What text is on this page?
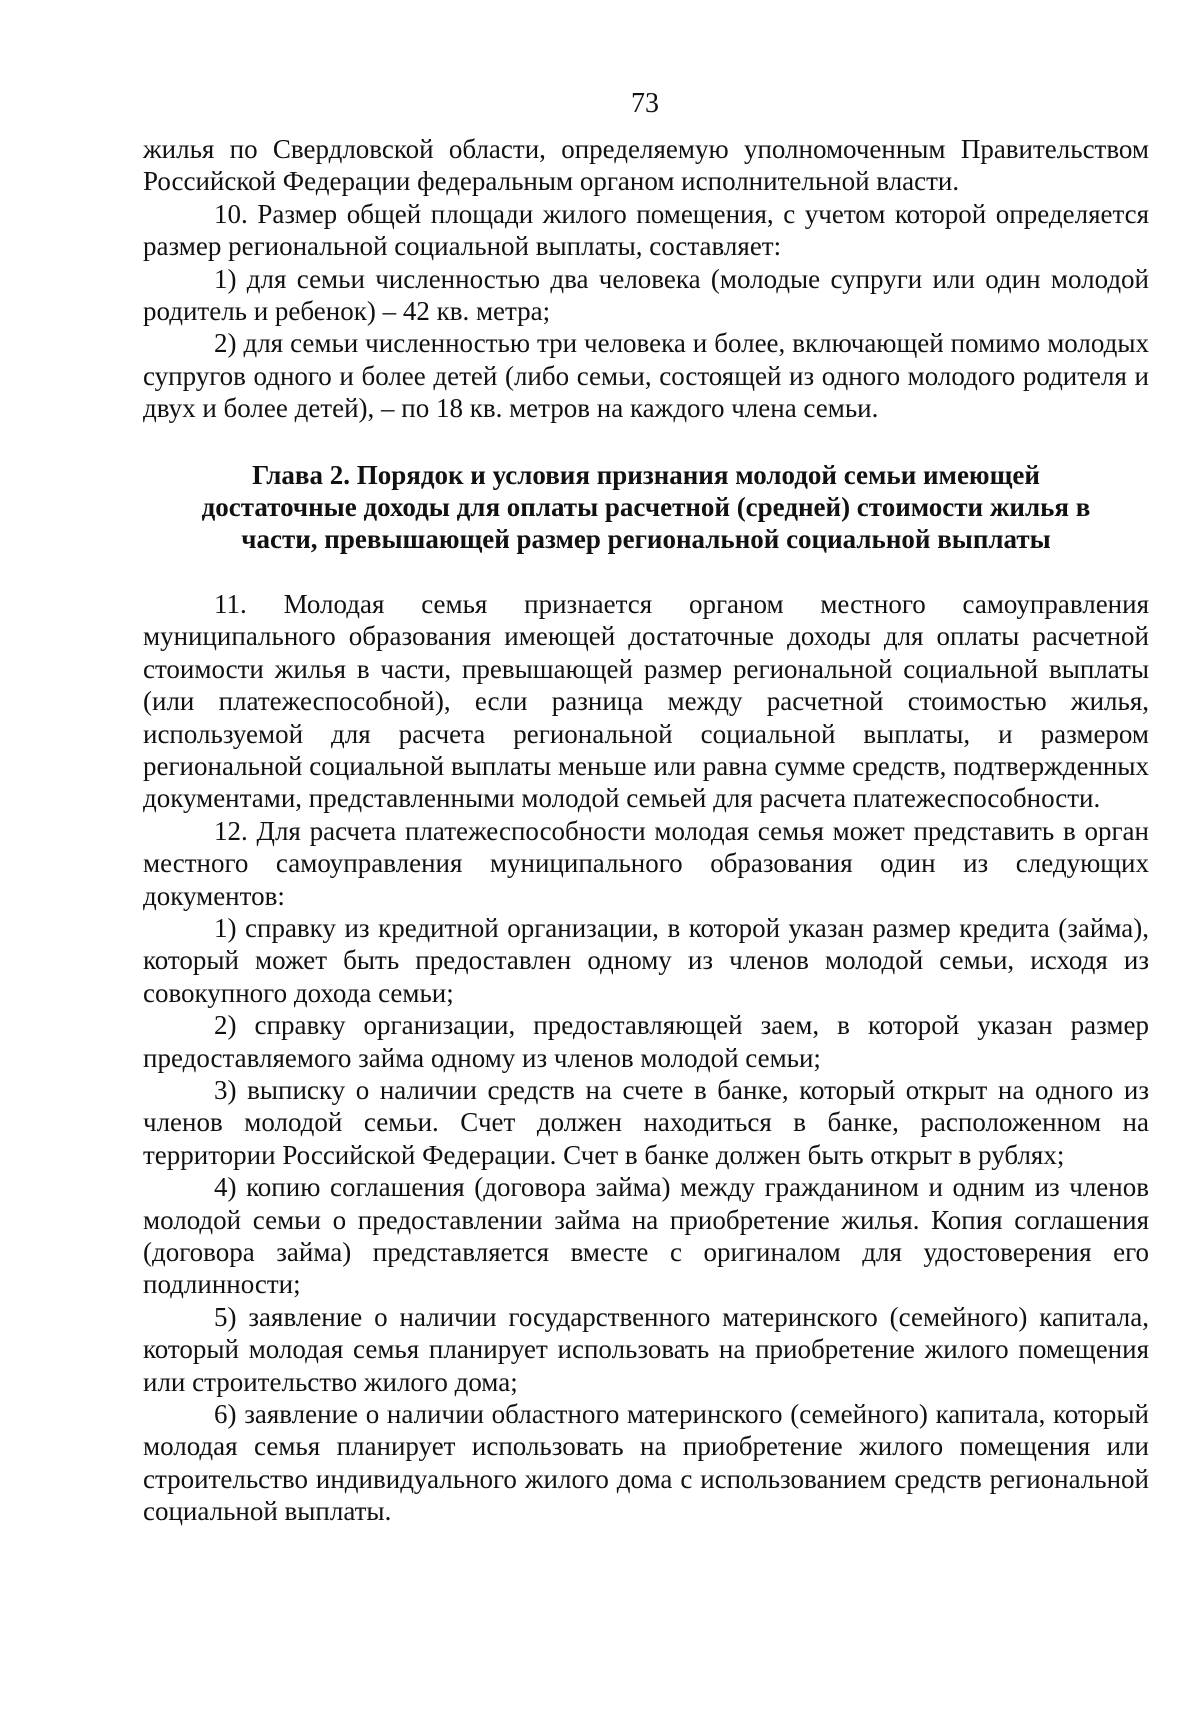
73

жилья по Свердловской области, определяемую уполномоченным Правительством Российской Федерации федеральным органом исполнительной власти.

10. Размер общей площади жилого помещения, с учетом которой определяется размер региональной социальной выплаты, составляет:

1) для семьи численностью два человека (молодые супруги или один молодой родитель и ребенок) – 42 кв. метра;

2) для семьи численностью три человека и более, включающей помимо молодых супругов одного и более детей (либо семьи, состоящей из одного молодого родителя и двух и более детей), – по 18 кв. метров на каждого члена семьи.

Глава 2. Порядок и условия признания молодой семьи имеющей достаточные доходы для оплаты расчетной (средней) стоимости жилья в части, превышающей размер региональной социальной выплаты

11. Молодая семья признается органом местного самоуправления муниципального образования имеющей достаточные доходы для оплаты расчетной стоимости жилья в части, превышающей размер региональной социальной выплаты (или платежеспособной), если разница между расчетной стоимостью жилья, используемой для расчета региональной социальной выплаты, и размером региональной социальной выплаты меньше или равна сумме средств, подтвержденных документами, представленными молодой семьей для расчета платежеспособности.

12. Для расчета платежеспособности молодая семья может представить в орган местного самоуправления муниципального образования один из следующих документов:

1) справку из кредитной организации, в которой указан размер кредита (займа), который может быть предоставлен одному из членов молодой семьи, исходя из совокупного дохода семьи;

2) справку организации, предоставляющей заем, в которой указан размер предоставляемого займа одному из членов молодой семьи;

3) выписку о наличии средств на счете в банке, который открыт на одного из членов молодой семьи. Счет должен находиться в банке, расположенном на территории Российской Федерации. Счет в банке должен быть открыт в рублях;

4) копию соглашения (договора займа) между гражданином и одним из членов молодой семьи о предоставлении займа на приобретение жилья. Копия соглашения (договора займа) представляется вместе с оригиналом для удостоверения его подлинности;

5) заявление о наличии государственного материнского (семейного) капитала, который молодая семья планирует использовать на приобретение жилого помещения или строительство жилого дома;

6) заявление о наличии областного материнского (семейного) капитала, который молодая семья планирует использовать на приобретение жилого помещения или строительство индивидуального жилого дома с использованием средств региональной социальной выплаты.
